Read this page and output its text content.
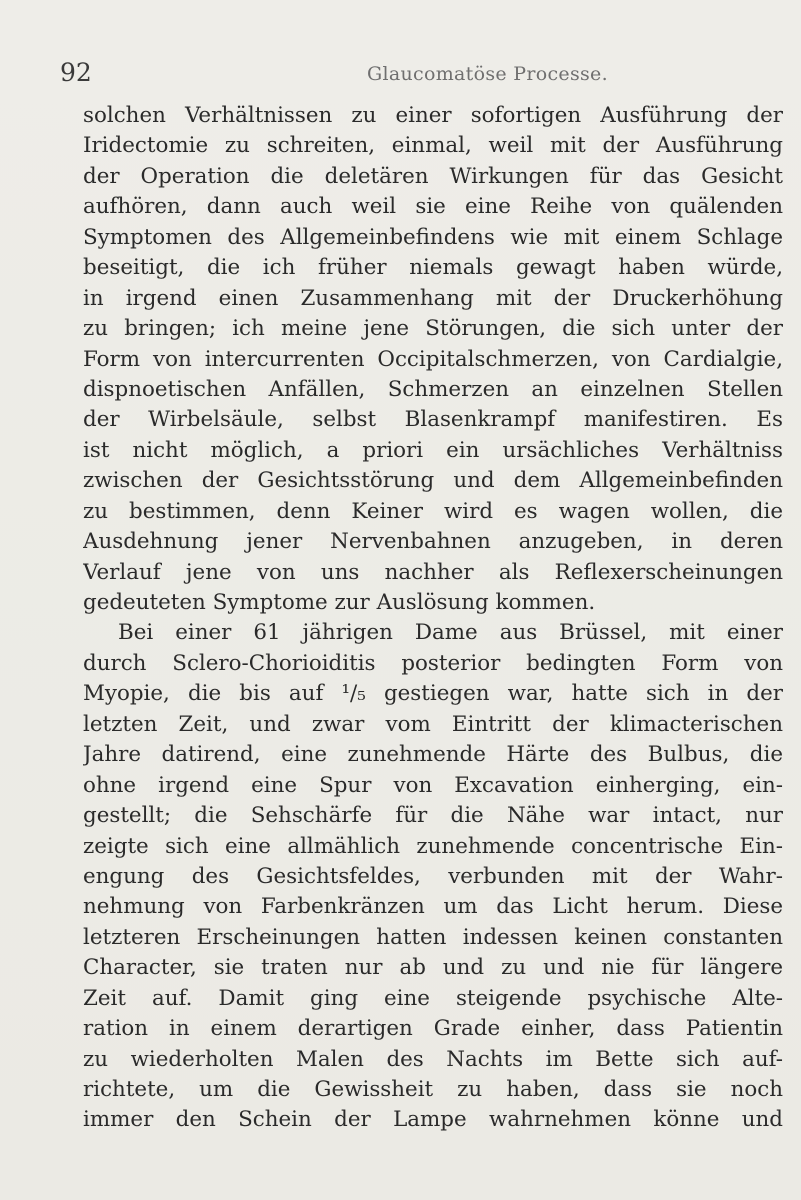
92	Glaucomatöse Processe.
solchen Verhältnissen zu einer sofortigen Ausführung der
Iridectomie zu schreiten, einmal, weil mit der Ausführung
der Operation die deletären Wirkungen für das Gesicht
aufhören, dann auch weil sie eine Reihe von quälenden
Symptomen des Allgemeinbefindens wie mit einem Schlage
beseitigt, die ich früher niemals gewagt haben würde,
in irgend einen Zusammenhang mit der Druckerhöhung
zu bringen; ich meine jene Störungen, die sich unter der
Form von intercurrenten Occipitalschmerzen, von Cardialgie,
dispnoetischen Anfällen, Schmerzen an einzelnen Stellen
der Wirbelsäule, selbst Blasenkrampf manifestiren. Es
ist nicht möglich, a priori ein ursächliches Verhältniss
zwischen der Gesichtsstörung und dem Allgemeinbefinden
zu bestimmen, denn Keiner wird es wagen wollen, die
Ausdehnung jener Nervenbahnen anzugeben, in deren
Verlauf jene von uns nachher als Reflexerscheinungen
gedeuteten Symptome zur Auslösung kommen.
Bei einer 61 jährigen Dame aus Brüssel, mit einer
durch Sclero-Chorioiditis posterior bedingten Form von
Myopie, die bis auf ¹/₅ gestiegen war, hatte sich in der
letzten Zeit, und zwar vom Eintritt der klimacterischen
Jahre datirend, eine zunehmende Härte des Bulbus, die
ohne irgend eine Spur von Excavation einherging, ein-
gestellt; die Sehschärfe für die Nähe war intact, nur
zeigte sich eine allmählich zunehmende concentrische Ein-
engung des Gesichtsfeldes, verbunden mit der Wahr-
nehmung von Farbenkränzen um das Licht herum. Diese
letzteren Erscheinungen hatten indessen keinen constanten
Character, sie traten nur ab und zu und nie für längere
Zeit auf. Damit ging eine steigende psychische Alte-
ration in einem derartigen Grade einher, dass Patientin
zu wiederholten Malen des Nachts im Bette sich auf-
richtete, um die Gewissheit zu haben, dass sie noch
immer den Schein der Lampe wahrnehmen könne und
